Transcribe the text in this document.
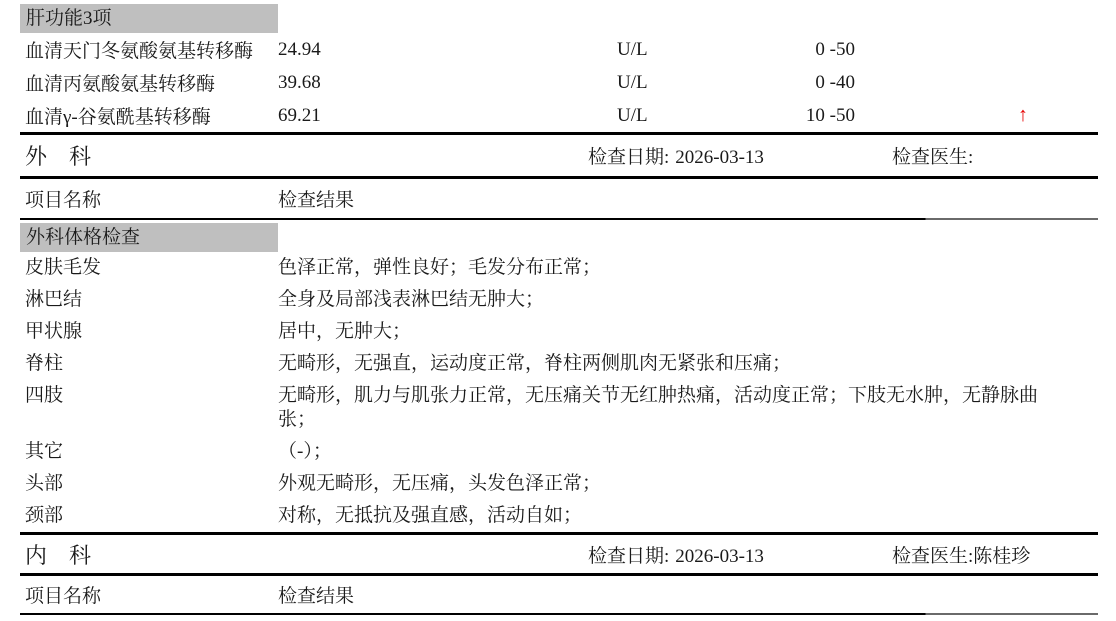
肝功能3项
血清天门冬氨酸氨基转移酶	24.94	U/L	0 -50
血清丙氨酸氨基转移酶	39.68	U/L	0 -40
血清γ-谷氨酰基转移酶	69.21	U/L	10 -50	↑
外　科	检查日期: 2026-03-13	检查医生:
项目名称	检查结果
外科体格检查
皮肤毛发	色泽正常，弹性良好；毛发分布正常；
淋巴结	全身及局部浅表淋巴结无肿大；
甲状腺	居中，无肿大；
脊柱	无畸形，无强直，运动度正常，脊柱两侧肌肉无紧张和压痛；
四肢	无畸形，肌力与肌张力正常，无压痛关节无红肿热痛，活动度正常；下肢无水肿，无静脉曲张；
其它	（-）；
头部	外观无畸形，无压痛，头发色泽正常；
颈部	对称，无抵抗及强直感，活动自如；
内　科	检查日期: 2026-03-13	检查医生:陈桂珍
项目名称	检查结果
